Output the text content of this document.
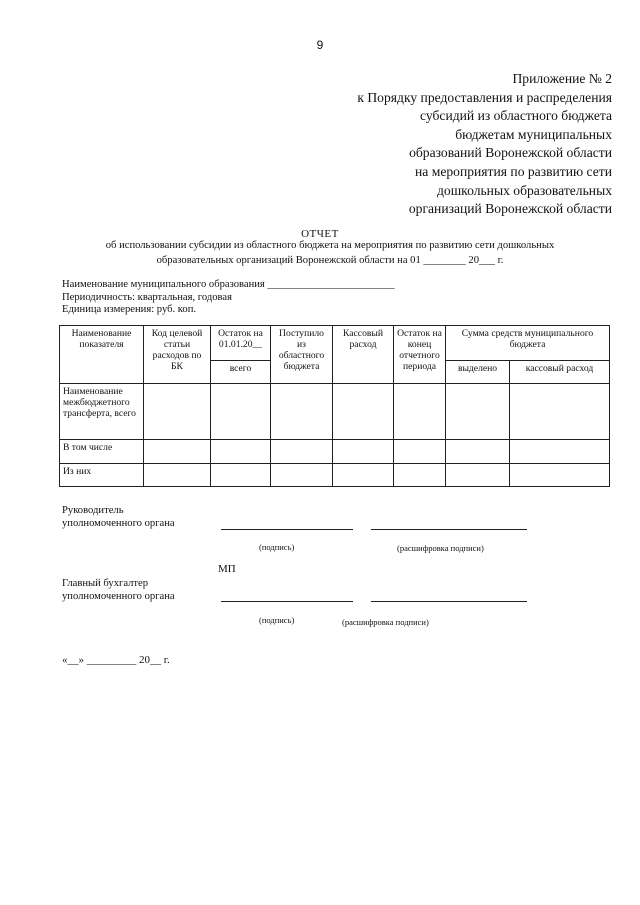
9
Приложение № 2
к Порядку предоставления и распределения
субсидий из областного бюджета
бюджетам муниципальных
образований Воронежской области
на мероприятия по развитию сети
дошкольных образовательных
организаций Воронежской области
ОТЧЕТ
об использовании субсидии из областного бюджета на мероприятия по развитию сети дошкольных
образовательных организаций Воронежской области на 01 ________ 20___ г.
Наименование муниципального образования ________________________
Периодичность: квартальная, годовая
Единица измерения: руб. коп.
Наименование показателя	Код целевой статьи расходов по БК	Остаток на 01.01.20__	Поступило из областного бюджета	Кассовый расход	Остаток на конец отчетного периода	Сумма средств муниципального бюджета		
		всего				выделено	кассовый расход	
Наименование межбюджетного трансферта, всего								
В том числе								
Из них								
Руководитель
уполномоченного органа
(подпись)	(расшифровка подписи)
МП
Главный бухгалтер
уполномоченного органа
(подпись)	(расшифровка подписи)
«__» _________ 20__ г.
